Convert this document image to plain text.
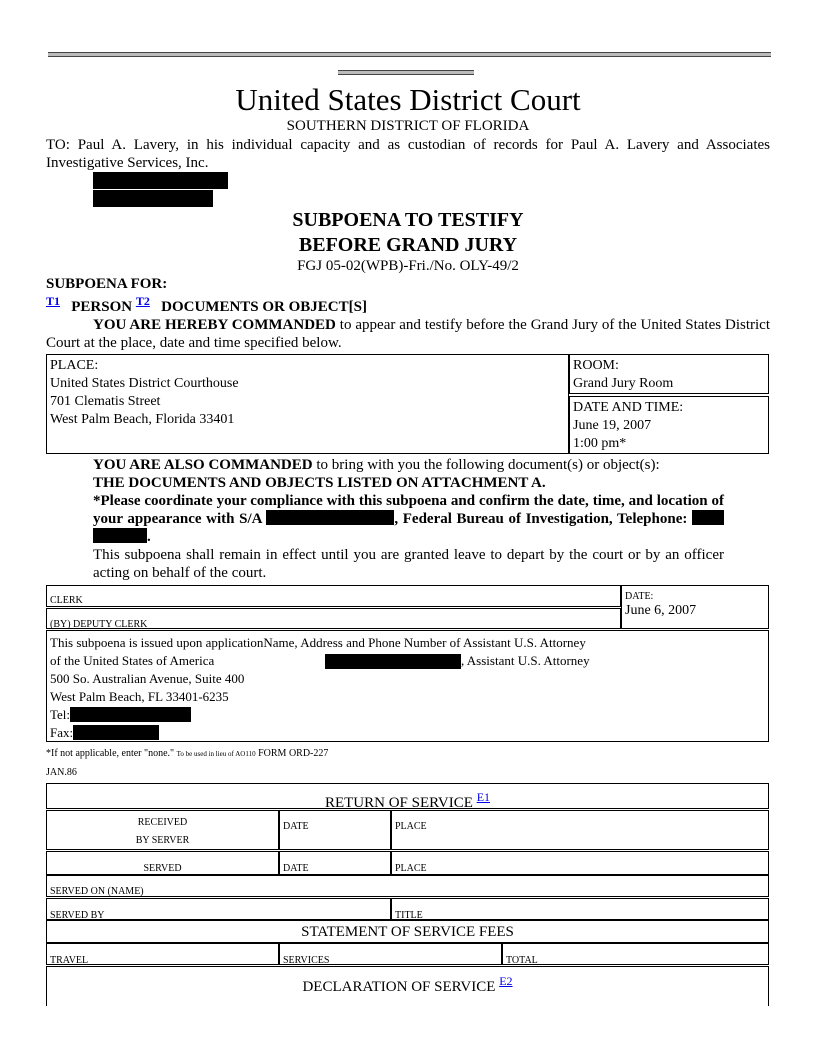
United States District Court
SOUTHERN DISTRICT OF FLORIDA
TO: Paul A. Lavery, in his individual capacity and as custodian of records for Paul A. Lavery and Associates Investigative Services, Inc.
SUBPOENA TO TESTIFY
BEFORE GRAND JURY
FGJ 05-02(WPB)-Fri./No. OLY-49/2
SUBPOENA FOR:
$^{T1}$ PERSON $^{T2}$ DOCUMENTS OR OBJECT[S]
YOU ARE HEREBY COMMANDED to appear and testify before the Grand Jury of the United States District Court at the place, date and time specified below.
PLACE:
United States District Courthouse
701 Clematis Street
West Palm Beach, Florida 33401
ROOM:
Grand Jury Room
DATE AND TIME:
June 19, 2007
1:00 pm*

YOU ARE ALSO COMMANDED to bring with you the following document(s) or object(s):

THE DOCUMENTS AND OBJECTS LISTED ON ATTACHMENT A.

*Please coordinate your compliance with this subpoena and confirm the date, time, and location of your appearance with S/A	, Federal Bureau of Investigation, Telephone:  .

This subpoena shall remain in effect until you are granted leave to depart by the court or by an officer acting on behalf of the court.

CLERK
(BY) DEPUTY CLERK
DATE:
June 6, 2007
This subpoena is issued upon applicationName, Address and Phone Number of Assistant U.S. Attorney
of the United States of America	, Assistant U.S. Attorney
500 So. Australian Avenue, Suite 400
West Palm Beach, FL 33401-6235
Tel:
Fax:
*If not applicable, enter "none." To be used in lieu of AO110 FORM ORD-227
JAN.86
RETURN OF SERVICE $^{E1}$
RECEIVED
BY SERVER
DATE	PLACE
SERVED	DATE	PLACE
SERVED ON (NAME)
SERVED BY	TITLE
STATEMENT OF SERVICE FEES
TRAVEL	SERVICES	TOTAL
DECLARATION OF SERVICE $^{E2}$
